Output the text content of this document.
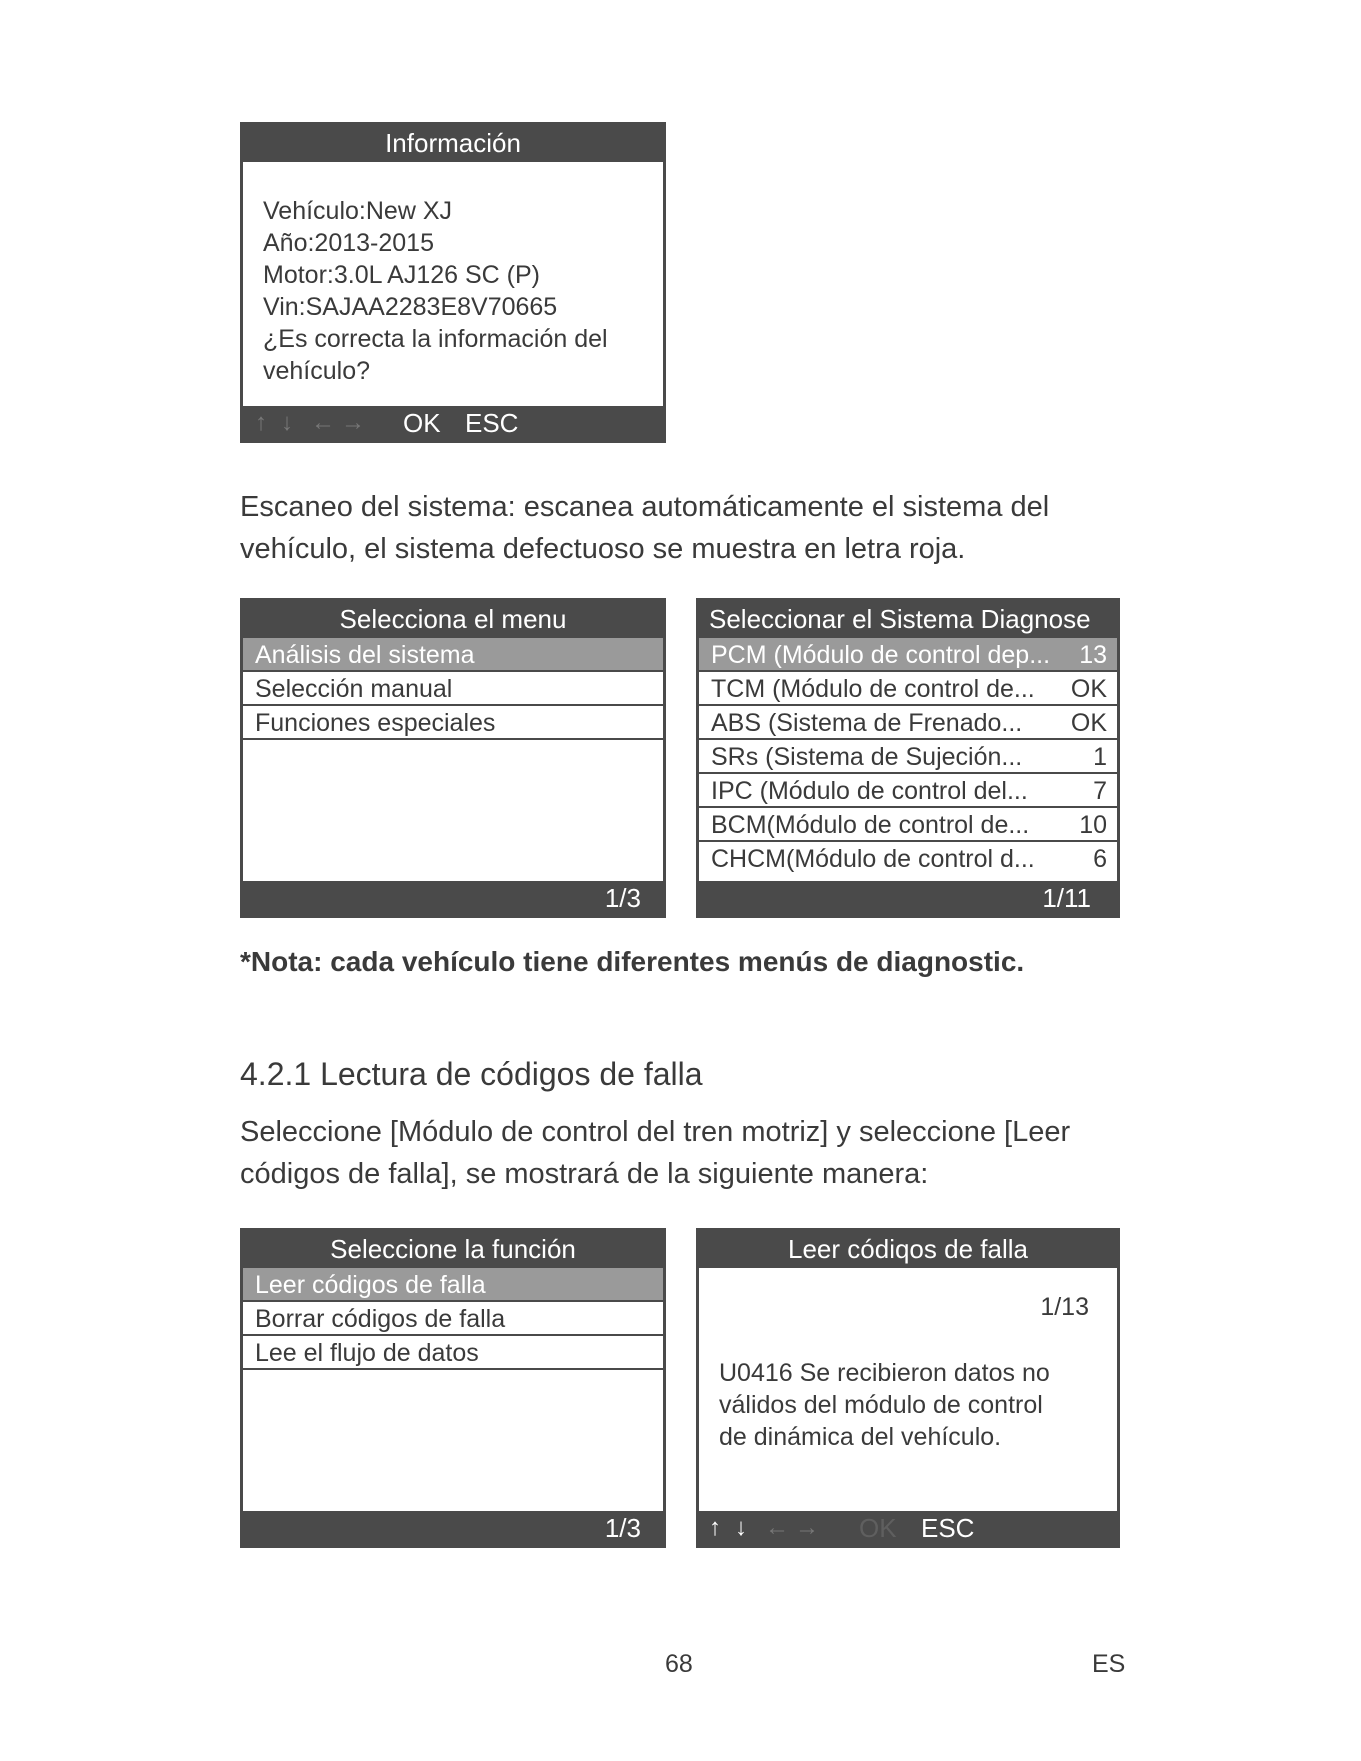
Información
Vehículo:New XJ
Año:2013-2015
Motor:3.0L AJ126 SC (P)
Vin:SAJAA2283E8V70665
¿Es correcta la información del
vehículo?
↑ ↓ ← → OK ESC
Escaneo del sistema: escanea automáticamente el sistema del
vehículo, el sistema defectuoso se muestra en letra roja.
Selecciona el menu
Análisis del sistema
Selección manual
Funciones especiales
1/3
Seleccionar el Sistema Diagnose
PCM (Módulo de control dep... 13
TCM (Módulo de control de... OK
ABS (Sistema de Frenado... OK
SRs (Sistema de Sujeción...	1
IPC (Módulo de control del...	7
BCM(Módulo de control de... 10
CHCM(Módulo de control d... 6
1/11
*Nota: cada vehículo tiene diferentes menús de diagnostic.
4.2.1 Lectura de códigos de falla
Seleccione [Módulo de control del tren motriz] y seleccione [Leer
códigos de falla], se mostrará de la siguiente manera:
Seleccione la función
Leer códigos de falla
Borrar códigos de falla
Lee el flujo de datos
1/3
Leer códiqos de falla
1/13
U0416 Se recibieron datos no
válidos del módulo de control
de dinámica del vehículo.
↑ ↓ ← → OK ESC
68	ES
